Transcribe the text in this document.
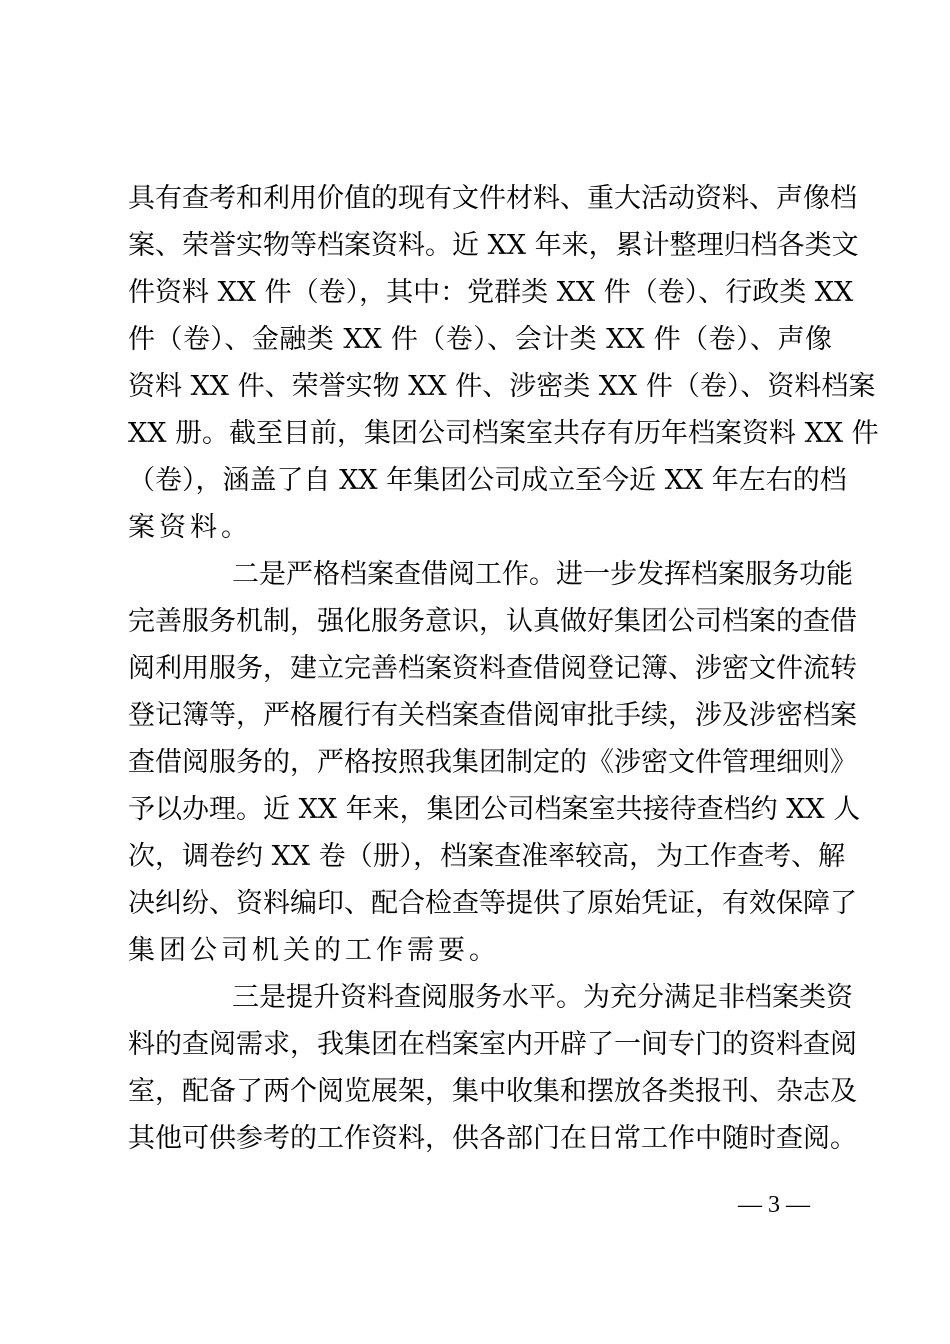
具有查考和利用价值的现有文件材料、重大活动资料、声像档
案、荣誉实物等档案资料。近 XX 年来，累计整理归档各类文
件资料 XX 件（卷），其中：党群类 XX 件（卷）、行政类 XX
件（卷）、金融类 XX 件（卷）、会计类 XX 件（卷）、声像
资料 XX 件、荣誉实物 XX 件、涉密类 XX 件（卷）、资料档案
XX 册。截至目前，集团公司档案室共存有历年档案资料 XX 件
（卷），涵盖了自 XX 年集团公司成立至今近 XX 年左右的档
案资料。
二是严格档案查借阅工作。进一步发挥档案服务功能
完善服务机制，强化服务意识，认真做好集团公司档案的查借
阅利用服务，建立完善档案资料查借阅登记簿、涉密文件流转
登记簿等，严格履行有关档案查借阅审批手续，涉及涉密档案
查借阅服务的，严格按照我集团制定的《涉密文件管理细则》
予以办理。近 XX 年来，集团公司档案室共接待查档约 XX 人
次，调卷约 XX 卷（册），档案查准率较高，为工作查考、解
决纠纷、资料编印、配合检查等提供了原始凭证，有效保障了
集团公司机关的工作需要。
三是提升资料查阅服务水平。为充分满足非档案类资
料的查阅需求，我集团在档案室内开辟了一间专门的资料查阅
室，配备了两个阅览展架，集中收集和摆放各类报刊、杂志及
其他可供参考的工作资料，供各部门在日常工作中随时查阅。
— 3 —
